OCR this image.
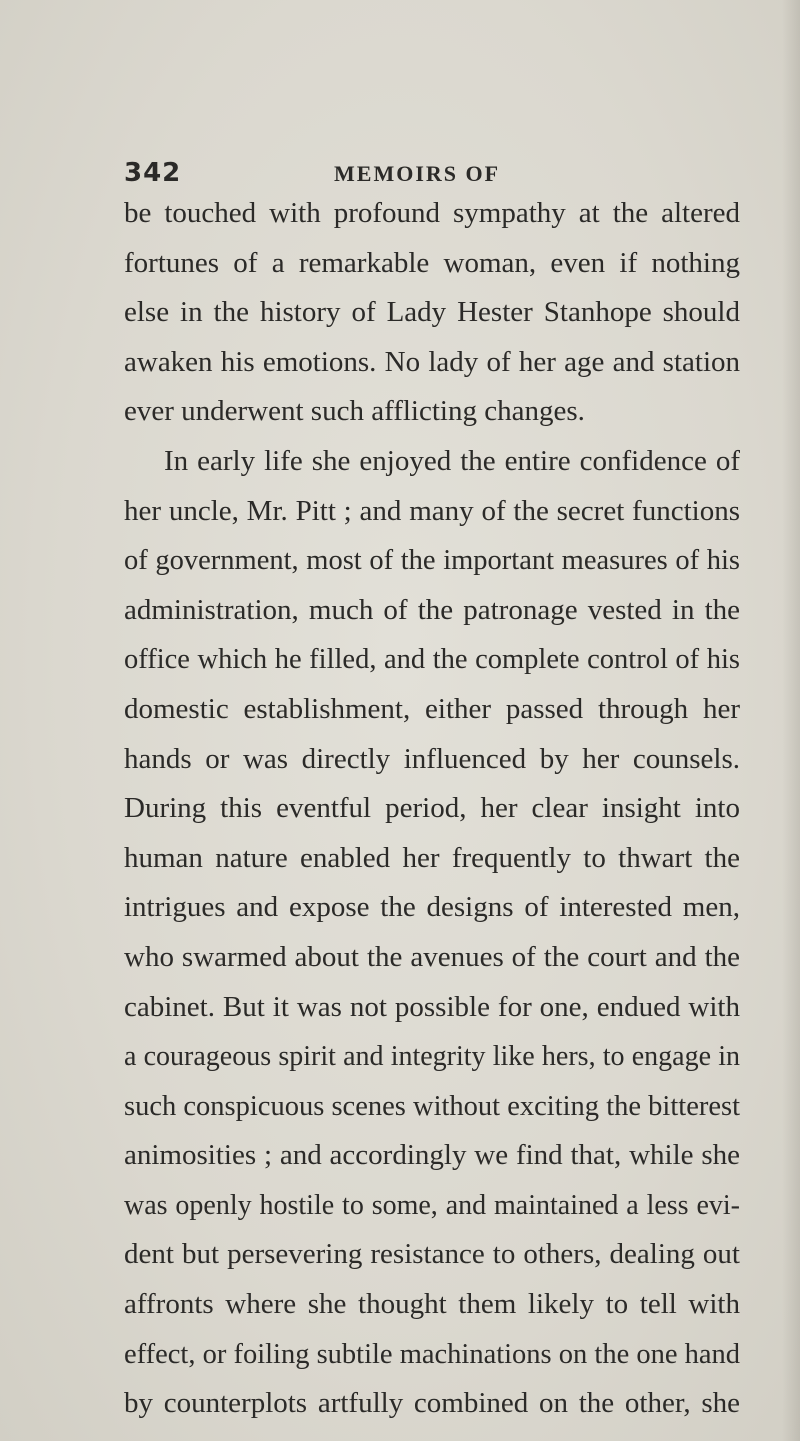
342	MEMOIRS OF
be touched with profound sympathy at the altered
fortunes of a remarkable woman, even if nothing
else in the history of Lady Hester Stanhope should
awaken his emotions. No lady of her age and station
ever underwent such afflicting changes.
In early life she enjoyed the entire confidence of
her uncle, Mr. Pitt ; and many of the secret functions
of government, most of the important measures of his
administration, much of the patronage vested in the
office which he filled, and the complete control of his
domestic establishment, either passed through her
hands or was directly influenced by her counsels.
During this eventful period, her clear insight into
human nature enabled her frequently to thwart the
intrigues and expose the designs of interested men,
who swarmed about the avenues of the court and the
cabinet. But it was not possible for one, endued with
a courageous spirit and integrity like hers, to engage in
such conspicuous scenes without exciting the bitterest
animosities ; and accordingly we find that, while she
was openly hostile to some, and maintained a less evi-
dent but persevering resistance to others, dealing out
affronts where she thought them likely to tell with
effect, or foiling subtile machinations on the one hand
by counterplots artfully combined on the other, she
